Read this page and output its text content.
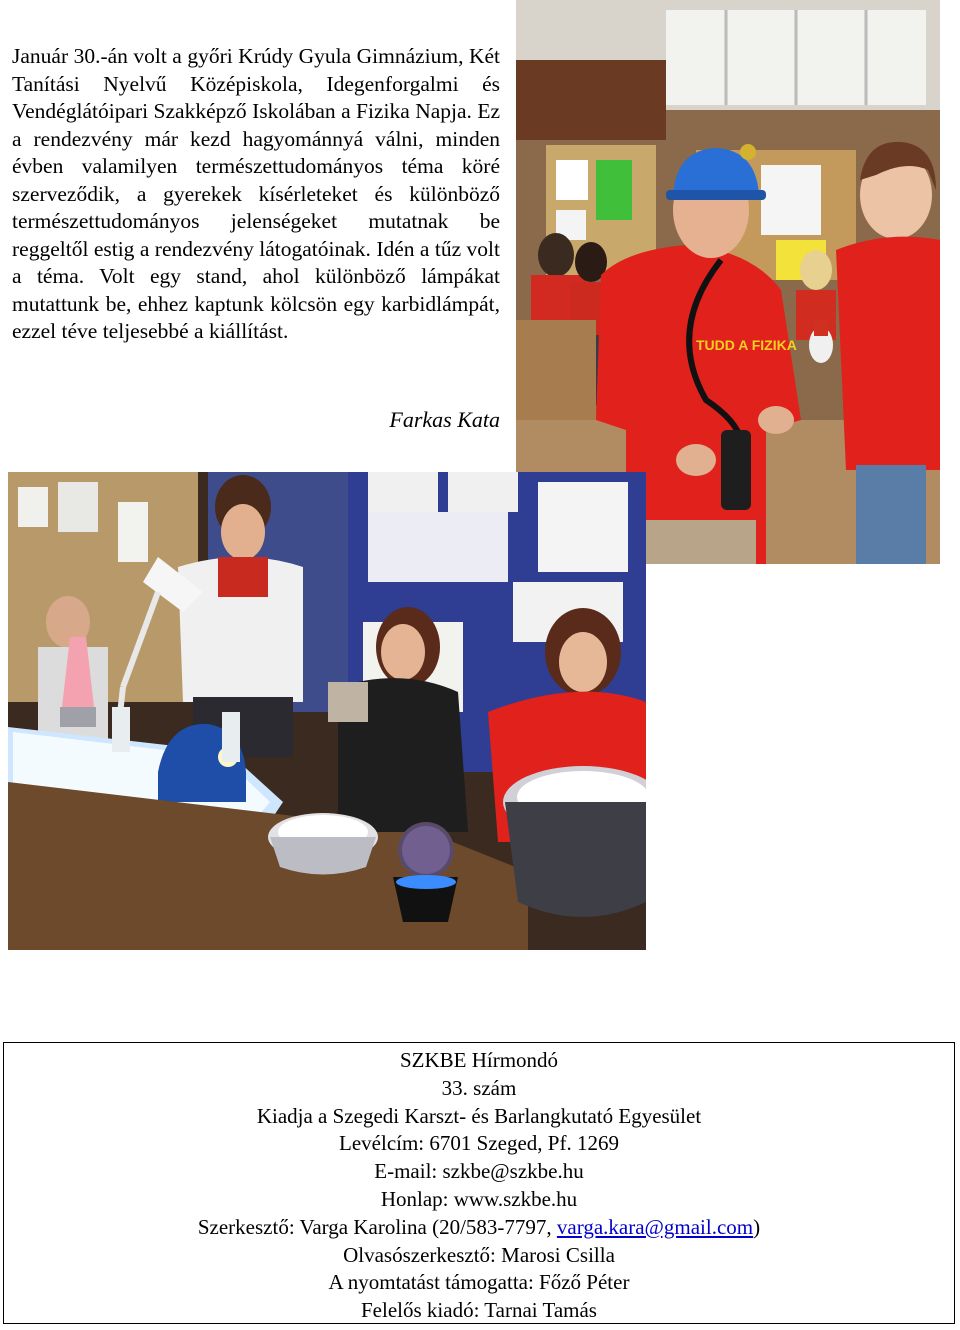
Január 30.-án volt a győri Krúdy Gyula Gimnázium, Két Tanítási Nyelvű Középiskola, Idegenforgalmi és Vendéglátóipari Szakképző Iskolában a Fizika Napja. Ez a rendezvény már kezd hagyománnyá válni, minden évben valamilyen természettudományos téma köré szerveződik, a gyerekek kísérleteket és különböző természettudományos jelenségeket mutatnak be reggeltől estig a rendezvény látogatóinak. Idén a tűz volt a téma. Volt egy stand, ahol különböző lámpákat mutattunk be, ehhez kaptunk kölcsön egy karbidlámpát, ezzel téve teljesebbé a kiállítást.

Farkas Kata
TUDD A FIZIKA
SZKBE Hírmondó
33. szám
Kiadja a Szegedi Karszt- és Barlangkutató Egyesület
Levélcím: 6701 Szeged, Pf. 1269
E-mail: szkbe@szkbe.hu
Honlap: www.szkbe.hu
Szerkesztő: Varga Karolina (20/583-7797, varga.kara@gmail.com)
Olvasószerkesztő: Marosi Csilla
A nyomtatást támogatta: Főző Péter
Felelős kiadó: Tarnai Tamás
